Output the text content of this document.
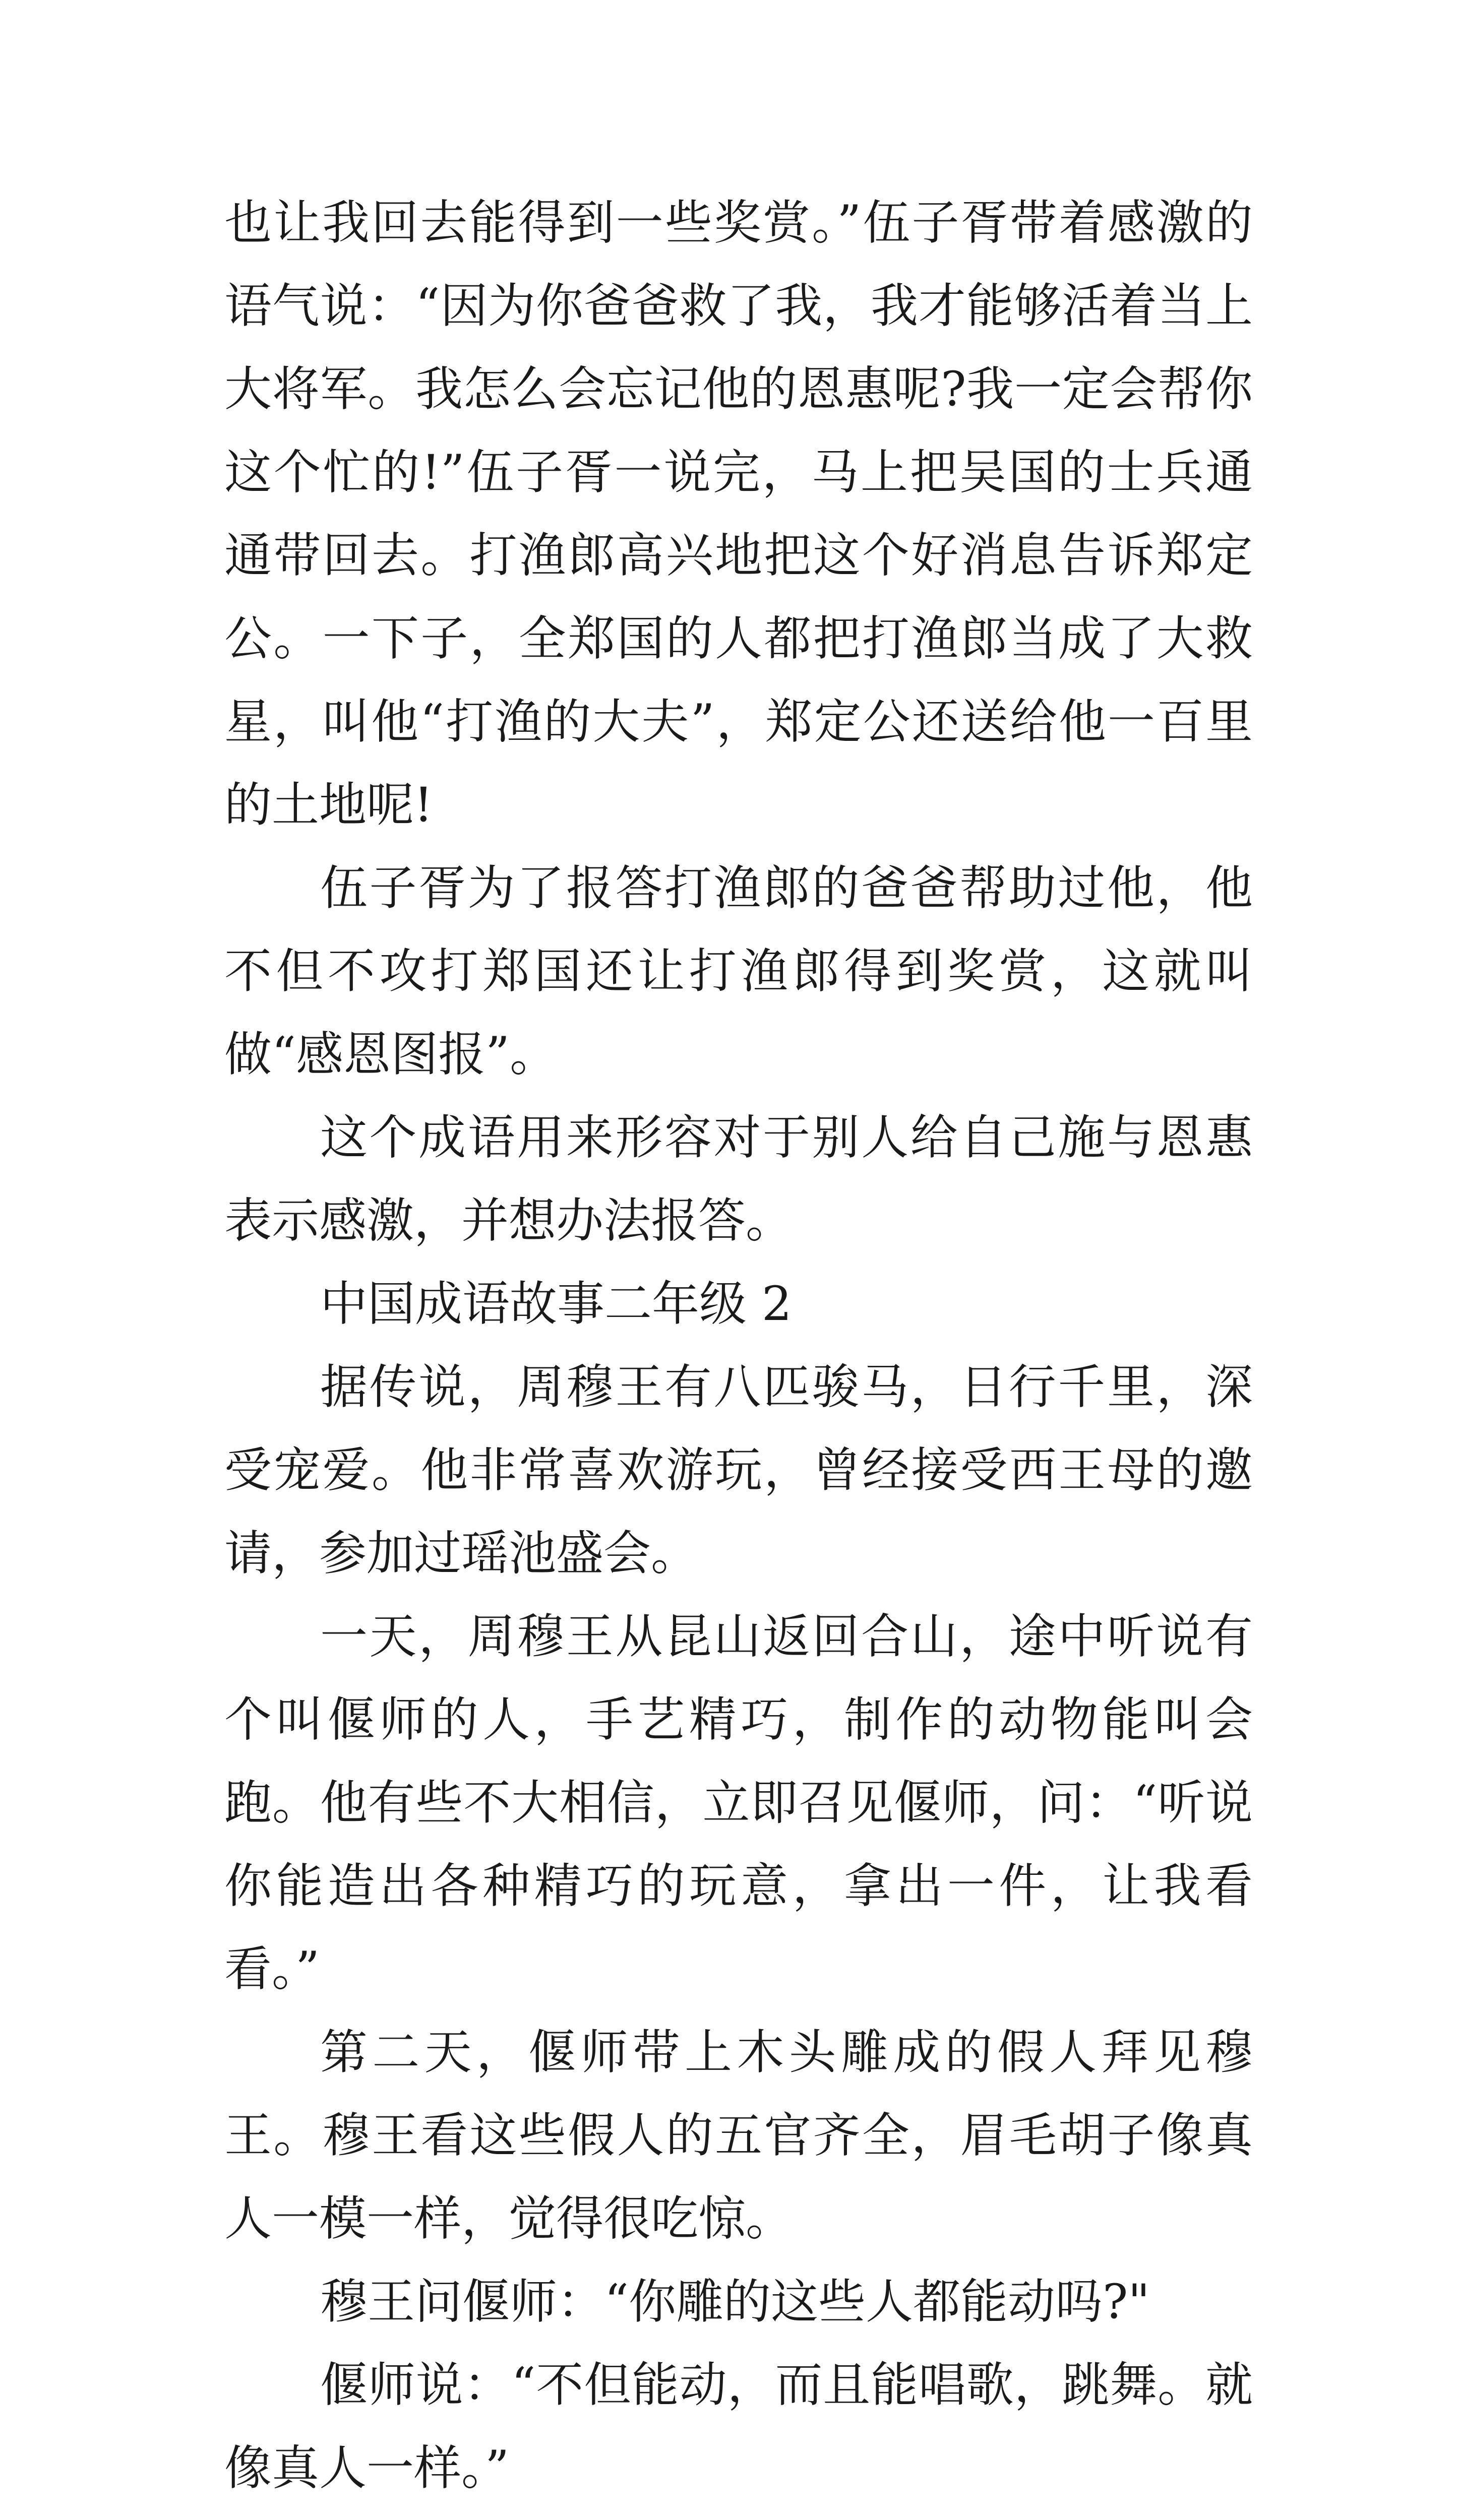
也让我回去能得到一些奖赏。”伍子胥带着感激的语气说：“因为你爸爸救了我，我才能够活着当上大将军。我怎么会忘记他的恩惠呢?我一定会帮你这个忙的!”伍子胥一说完，马上把吴国的士兵通通带回去。打渔郎高兴地把这个好消息告诉郑定公。一下子，全郑国的人都把打渔郎当成了大救星，叫他“打渔的大夫”，郑定公还送给他一百里的土地呢!

伍子胥为了报答打渔郎的爸爸帮助过他，他不但不攻打郑国还让打渔郎得到奖赏，这就叫做“感恩图报”。

这个成语用来形容对于别人给自己施与恩惠表示感激，并想办法报答。

中国成语故事二年级 2

据传说，周穆王有八匹骏马，日行千里，深受宠爱。他非常喜欢游玩，曾经接受西王母的邀请，参加过瑶池盛会。

一天，周穆王从昆山返回合山，途中听说有个叫偃师的人，手艺精巧，制作的动物能叫会跑。他有些不大相信，立即召见偃师，问：“听说你能造出各种精巧的玩意，拿出一件，让我看看。”

第二天，偃师带上木头雕成的假人拜见穆王。穆王看这些假人的五官齐全，眉毛胡子像真人一模一样，觉得很吃惊。

穆王问偃师：“你雕的这些人都能动吗?"

偃师说：“不但能动，而且能唱歌，跳舞。就像真人一样。”
